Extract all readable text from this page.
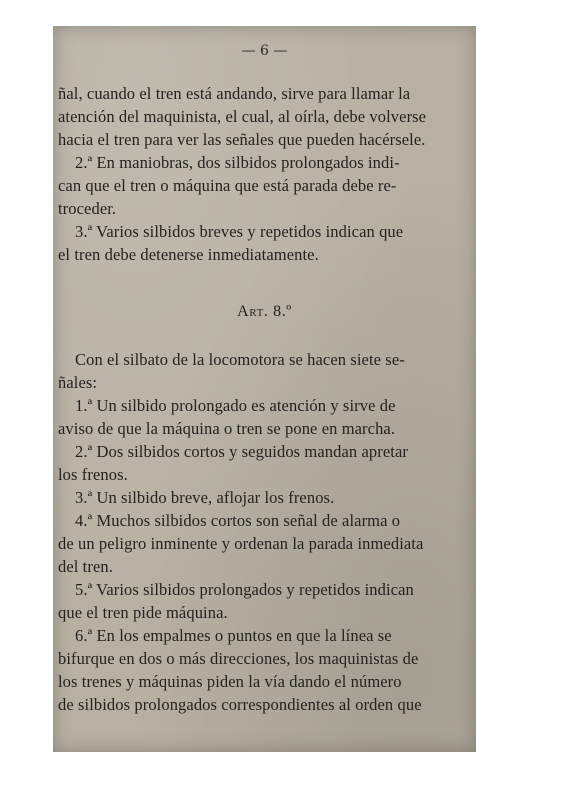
— 6 —
ñal, cuando el tren está andando, sirve para llamar la
atención del maquinista, el cual, al oírla, debe volverse
hacia el tren para ver las señales que pueden hacérsele.
2.ª En maniobras, dos silbidos prolongados indi-
can que el tren o máquina que está parada debe re-
troceder.
3.ª Varios silbidos breves y repetidos indican que
el tren debe detenerse inmediatamente.
Art. 8.º
Con el silbato de la locomotora se hacen siete se-
ñales:
1.ª Un silbido prolongado es atención y sirve de
aviso de que la máquina o tren se pone en marcha.
2.ª Dos silbidos cortos y seguidos mandan apretar
los frenos.
3.ª Un silbido breve, aflojar los frenos.
4.ª Muchos silbidos cortos son señal de alarma o
de un peligro inminente y ordenan la parada inmediata
del tren.
5.ª Varios silbidos prolongados y repetidos indican
que el tren pide máquina.
6.ª En los empalmes o puntos en que la línea se
bifurque en dos o más direcciones, los maquinistas de
los trenes y máquinas piden la vía dando el número
de silbidos prolongados correspondientes al orden que
